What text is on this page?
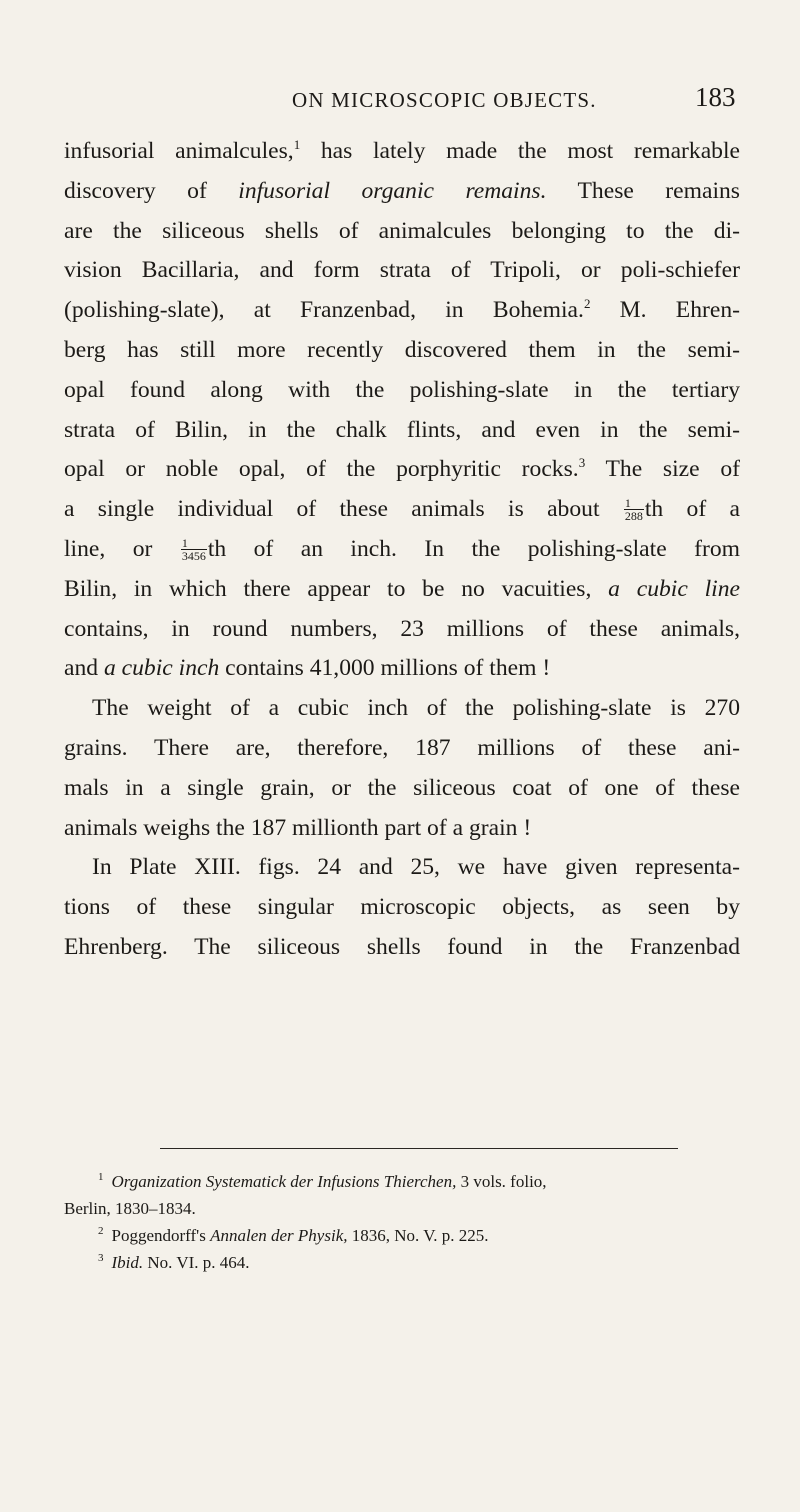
ON MICROSCOPIC OBJECTS.	183
infusorial animalcules,$^1$ has lately made the most remarkable
discovery of infusorial organic remains. These remains
are the siliceous shells of animalcules belonging to the di-
vision Bacillaria, and form strata of Tripoli, or poli-schiefer
(polishing-slate), at Franzenbad, in Bohemia.$^2$ M. Ehren-
berg has still more recently discovered them in the semi-
opal found along with the polishing-slate in the tertiary
strata of Bilin, in the chalk flints, and even in the semi-
opal or noble opal, of the porphyritic rocks.$^3$ The size of
a single individual of these animals is about $\frac{1}{288}$ th of a
line, or $\frac{1}{3456}$ th of an inch. In the polishing-slate from
Bilin, in which there appear to be no vacuities, a cubic line
contains, in round numbers, 23 millions of these animals,
and a cubic inch contains 41,000 millions of them !
The weight of a cubic inch of the polishing-slate is 270
grains. There are, therefore, 187 millions of these ani-
mals in a single grain, or the siliceous coat of one of these
animals weighs the 187 millionth part of a grain !
In Plate XIII. figs. 24 and 25, we have given representa-
tions of these singular microscopic objects, as seen by
Ehrenberg. The siliceous shells found in the Franzenbad
$^1$ Organization Systematick der Infusions Thierchen, 3 vols. folio,
Berlin, 1830–1834.
$^2$ Poggendorff's Annalen der Physik, 1836, No. V. p. 225.
$^3$ Ibid. No. VI. p. 464.
